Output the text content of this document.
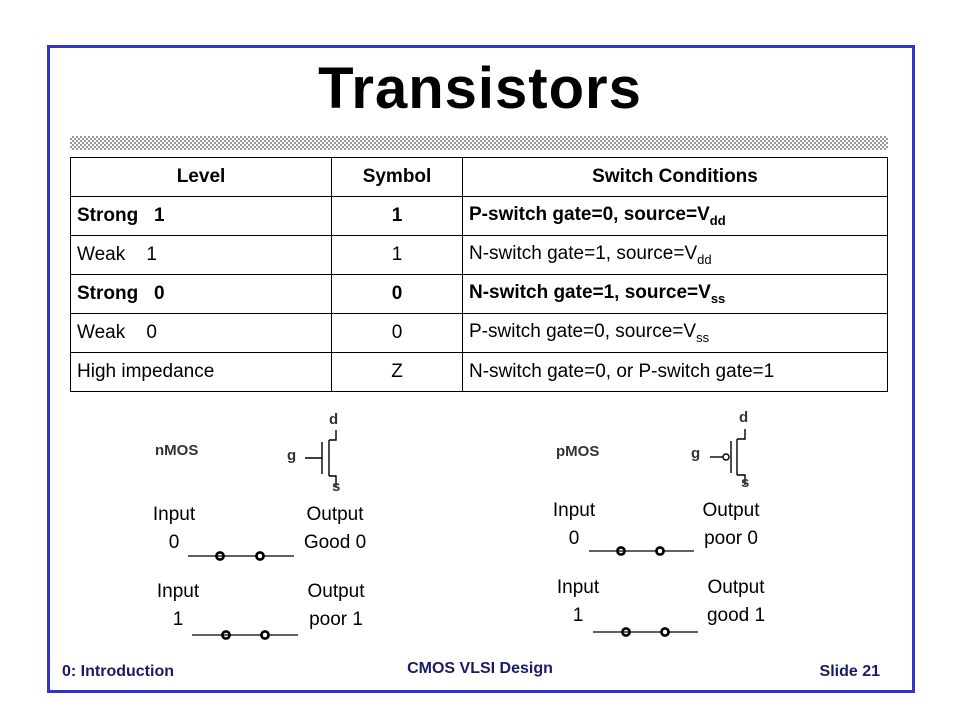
Transistors
Level	Symbol	Switch Conditions
Strong   1	1	P-switch gate=0, $source=V_{dd}$
Weak    1	1	N-switch gate=1, $source=V_{dd}$
Strong   0	0	N-switch gate=1, $source=V_{ss}$
Weak    0	0	P-switch gate=0, $source=V_{ss}$
High impedance	Z	N-switch gate=0, or P-switch gate=1
nMOS
d
g
s
pMOS
d
g
s
Input
0
Output
Good 0
Input
1
Output
poor 1
Input
0
Output
poor 0
Input
1
Output
good 1
0: Introduction	CMOS VLSI Design	Slide 21
